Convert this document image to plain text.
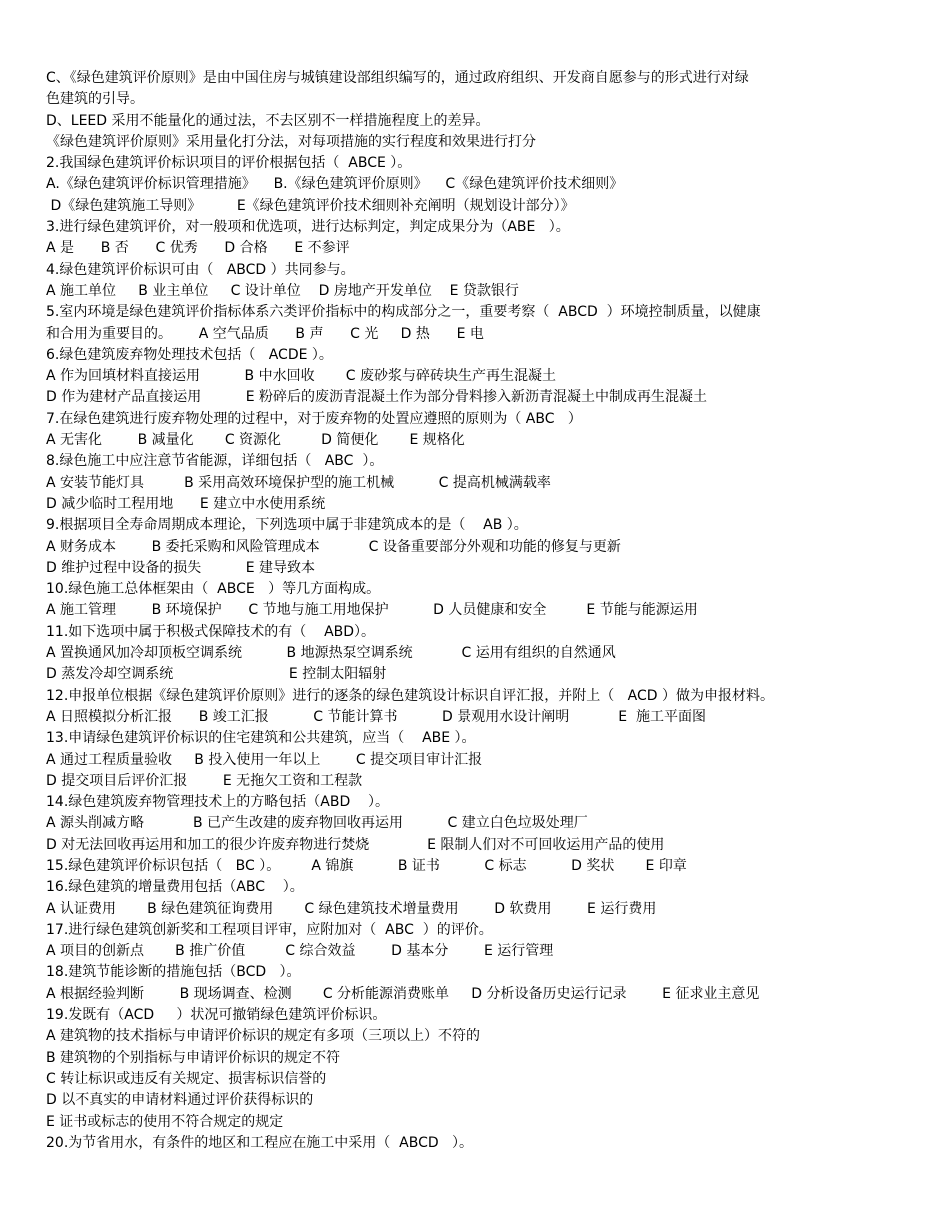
C、《绿色建筑评价原则》是由中国住房与城镇建设部组织编写的，通过政府组织、开发商自愿参与的形式进行对绿
色建筑的引导。
D、LEED 采用不能量化的通过法，不去区别不一样措施程度上的差异。
《绿色建筑评价原则》采用量化打分法，对每项措施的实行程度和效果进行打分
2.我国绿色建筑评价标识项目的评价根据包括（  ABCE ）。
A.《绿色建筑评价标识管理措施》    B.《绿色建筑评价原则》    C《绿色建筑评价技术细则》
D《绿色建筑施工导则》        E《绿色建筑评价技术细则补充阐明（规划设计部分）》
3.进行绿色建筑评价，对一般项和优选项，进行达标判定，判定成果分为（ABE   ）。
A 是      B 否      C 优秀      D 合格      E 不参评
4.绿色建筑评价标识可由（   ABCD ）共同参与。
A 施工单位     B 业主单位     C 设计单位    D 房地产开发单位    E 贷款银行
5.室内环境是绿色建筑评价指标体系六类评价指标中的构成部分之一，重要考察（  ABCD  ）环境控制质量，以健康
和合用为重要目的。      A 空气品质      B 声      C 光     D 热      E 电
6.绿色建筑废弃物处理技术包括（   ACDE ）。
A 作为回填材料直接运用          B 中水回收       C 废砂浆与碎砖块生产再生混凝土
D 作为建材产品直接运用          E 粉碎后的废沥青混凝土作为部分骨料掺入新沥青混凝土中制成再生混凝土
7.在绿色建筑进行废弃物处理的过程中，对于废弃物的处置应遵照的原则为（ ABC   ）
A 无害化        B 减量化       C 资源化         D 简便化       E 规格化
8.绿色施工中应注意节省能源，详细包括（   ABC  ）。
A 安装节能灯具         B 采用高效环境保护型的施工机械          C 提高机械满载率
D 减少临时工程用地      E 建立中水使用系统
9.根据项目全寿命周期成本理论，下列选项中属于非建筑成本的是（    AB ）。
A 财务成本        B 委托采购和风险管理成本           C 设备重要部分外观和功能的修复与更新
D 维护过程中设备的损失          E 建导致本
10.绿色施工总体框架由（  ABCE   ）等几方面构成。
A 施工管理        B 环境保护      C 节地与施工用地保护          D 人员健康和安全         E 节能与能源运用
11.如下选项中属于积极式保障技术的有（    ABD）。
A 置换通风加冷却顶板空调系统          B 地源热泵空调系统           C 运用有组织的自然通风
D 蒸发冷却空调系统                          E 控制太阳辐射
12.申报单位根据《绿色建筑评价原则》进行的逐条的绿色建筑设计标识自评汇报，并附上（   ACD ）做为申报材料。
A 日照模拟分析汇报      B 竣工汇报          C 节能计算书          D 景观用水设计阐明           E  施工平面图
13.申请绿色建筑评价标识的住宅建筑和公共建筑，应当（    ABE ）。
A 通过工程质量验收     B 投入使用一年以上        C 提交项目审计汇报
D 提交项目后评价汇报        E 无拖欠工资和工程款
14.绿色建筑废弃物管理技术上的方略包括（ABD    ）。
A 源头削减方略           B 已产生改建的废弃物回收再运用          C 建立白色垃圾处理厂
D 对无法回收再运用和加工的很少许废弃物进行焚烧             E 限制人们对不可回收运用产品的使用
15.绿色建筑评价标识包括（   BC ）。       A 锦旗          B 证书          C 标志          D 奖状       E 印章
16.绿色建筑的增量费用包括（ABC    ）。
A 认证费用       B 绿色建筑征询费用       C 绿色建筑技术增量费用        D 软费用        E 运行费用
17.进行绿色建筑创新奖和工程项目评审，应附加对（  ABC  ）的评价。
A 项目的创新点       B 推广价值         C 综合效益        D 基本分        E 运行管理
18.建筑节能诊断的措施包括（BCD   ）。
A 根据经验判断        B 现场调查、检测       C 分析能源消费账单     D 分析设备历史运行记录        E 征求业主意见
19.发既有（ACD     ）状况可撤销绿色建筑评价标识。
A 建筑物的技术指标与申请评价标识的规定有多项（三项以上）不符的
B 建筑物的个别指标与申请评价标识的规定不符
C 转让标识或违反有关规定、损害标识信誉的
D 以不真实的申请材料通过评价获得标识的
E 证书或标志的使用不符合规定的规定
20.为节省用水，有条件的地区和工程应在施工中采用（  ABCD   ）。
